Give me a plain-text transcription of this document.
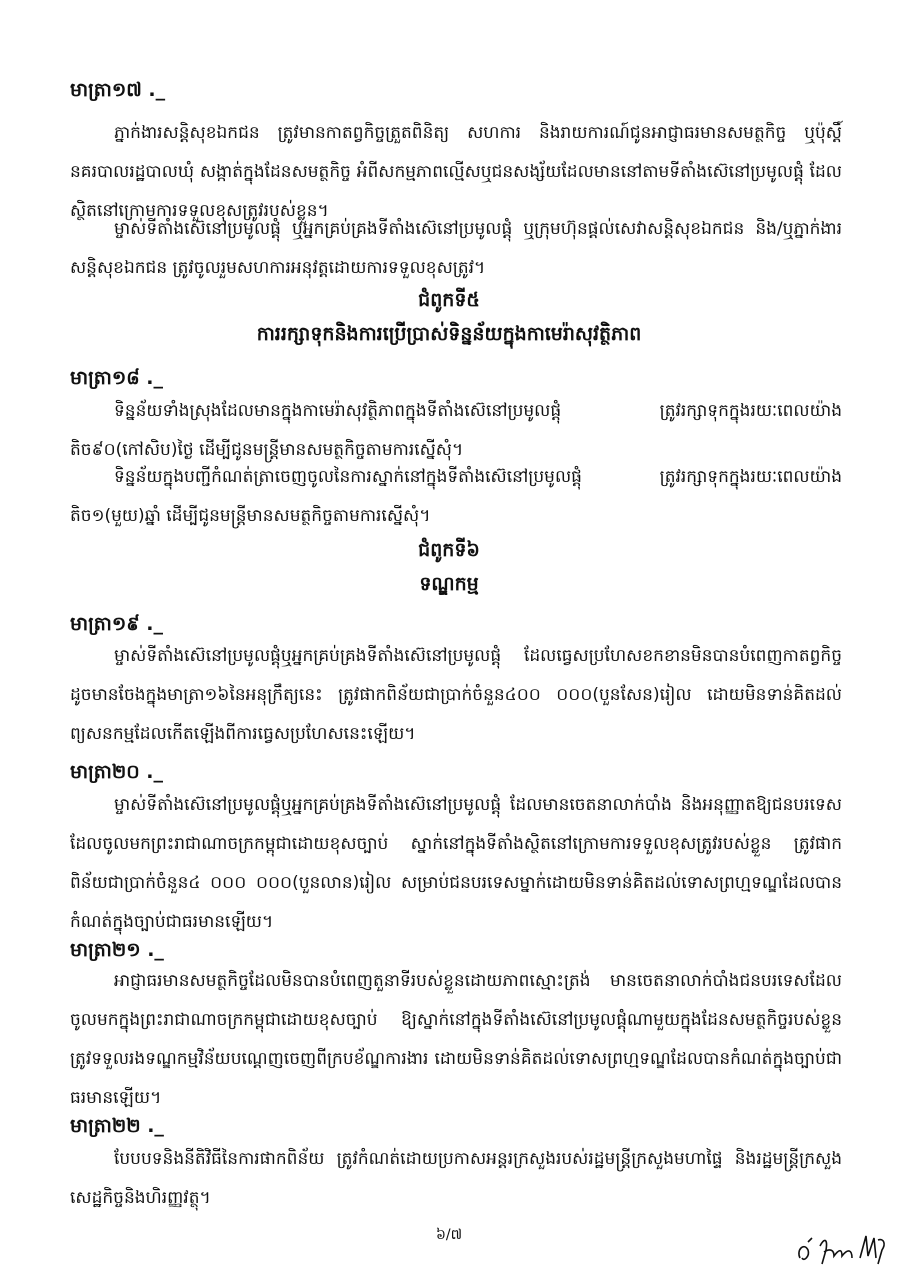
មាត្រា១៧ ._

ភ្នាក់ងារសន្តិសុខឯកជន ត្រូវមានកាតព្វកិច្ចត្រួតពិនិត្យ សហការ និងរាយការណ៍ជូនអាជ្ញាធរមានសមត្ថកិច្ច ឬប៉ុស្តិ៍នគរបាលរដ្ឋបាលឃុំ សង្កាត់ក្នុងដែនសមត្ថកិច្ច អំពីសកម្មភាពល្មើសឬជនសង្ស័យដែលមាននៅតាមទីតាំងស៊េនៅប្រមូលផ្តុំ ដែលស្ថិតនៅក្រោមការទទួលខុសត្រូវរបស់ខ្លួន។

ម្ចាស់ទីតាំងស៊េនៅប្រមូលផ្តុំ ឬអ្នកគ្រប់គ្រងទីតាំងស៊េនៅប្រមូលផ្តុំ ឬក្រុមហ៊ុនផ្តល់សេវាសន្តិសុខឯកជន និង/ឬភ្នាក់ងារសន្តិសុខឯកជន ត្រូវចូលរួមសហការអនុវត្តដោយការទទួលខុសត្រូវ។

ជំពូកទី៥
ការរក្សាទុកនិងការប្រើប្រាស់ទិន្នន័យក្នុងកាមេរ៉ាសុវត្ថិភាព
មាត្រា១៨ ._

ទិន្នន័យទាំងស្រុងដែលមានក្នុងកាមេរ៉ាសុវត្ថិភាពក្នុងទីតាំងស៊េនៅប្រមូលផ្តុំ ត្រូវរក្សាទុកក្នុងរយៈពេលយ៉ាងតិច៩០(កៅសិប)ថ្ងៃ ដើម្បីជូនមន្ត្រីមានសមត្ថកិច្ចតាមការស្នើសុំ។

ទិន្នន័យក្នុងបញ្ជីកំណត់ត្រាចេញចូលនៃការស្នាក់នៅក្នុងទីតាំងស៊េនៅប្រមូលផ្តុំ ត្រូវរក្សាទុកក្នុងរយៈពេលយ៉ាងតិច១(មួយ)ឆ្នាំ ដើម្បីជូនមន្ត្រីមានសមត្ថកិច្ចតាមការស្នើសុំ។

ជំពូកទី៦
ទណ្ឌកម្ម
មាត្រា១៩ ._

ម្ចាស់ទីតាំងស៊េនៅប្រមូលផ្តុំឬអ្នកគ្រប់គ្រងទីតាំងស៊េនៅប្រមូលផ្តុំ ដែលធ្វេសប្រហែសខកខានមិនបានបំពេញកាតព្វកិច្ច ដូចមានចែងក្នុងមាត្រា១៦នៃអនុក្រឹត្យនេះ ត្រូវផាកពិន័យជាប្រាក់ចំនួន៤០០ ០០០(បួនសែន)រៀល ដោយមិនទាន់គិតដល់ព្យសនកម្មដែលកើតឡើងពីការធ្វេសប្រហែសនេះឡើយ។

មាត្រា២០ ._

ម្ចាស់ទីតាំងស៊េនៅប្រមូលផ្តុំឬអ្នកគ្រប់គ្រងទីតាំងស៊េនៅប្រមូលផ្តុំ ដែលមានចេតនាលាក់បាំង និងអនុញ្ញាតឱ្យជនបរទេសដែលចូលមកព្រះរាជាណាចក្រកម្ពុជាដោយខុសច្បាប់ ស្នាក់នៅក្នុងទីតាំងស្ថិតនៅក្រោមការទទួលខុសត្រូវរបស់ខ្លួន ត្រូវផាកពិន័យជាប្រាក់ចំនួន៤ ០០០ ០០០(បួនលាន)រៀល សម្រាប់ជនបរទេសម្នាក់ដោយមិនទាន់គិតដល់ទោសព្រហ្មទណ្ឌដែលបានកំណត់ក្នុងច្បាប់ជាធរមានឡើយ។

មាត្រា២១ ._

អាជ្ញាធរមានសមត្ថកិច្ចដែលមិនបានបំពេញតួនាទីរបស់ខ្លួនដោយភាពស្មោះត្រង់ មានចេតនាលាក់បាំងជនបរទេសដែលចូលមកក្នុងព្រះរាជាណាចក្រកម្ពុជាដោយខុសច្បាប់ ឱ្យស្នាក់នៅក្នុងទីតាំងស៊េនៅប្រមូលផ្តុំណាមួយក្នុងដែនសមត្ថកិច្ចរបស់ខ្លួន ត្រូវទទួលរងទណ្ឌកម្មវិន័យបណ្តេញចេញពីក្របខ័ណ្ឌការងារ ដោយមិនទាន់គិតដល់ទោសព្រហ្មទណ្ឌដែលបានកំណត់ក្នុងច្បាប់ជាធរមានឡើយ។

មាត្រា២២ ._

បែបបទនិងនីតិវិធីនៃការផាកពិន័យ ត្រូវកំណត់ដោយប្រកាសអន្តរក្រសួងរបស់រដ្ឋមន្ត្រីក្រសួងមហាផ្ទៃ និងរដ្ឋមន្ត្រីក្រសួងសេដ្ឋកិច្ចនិងហិរញ្ញវត្ថុ។

៦/៧
